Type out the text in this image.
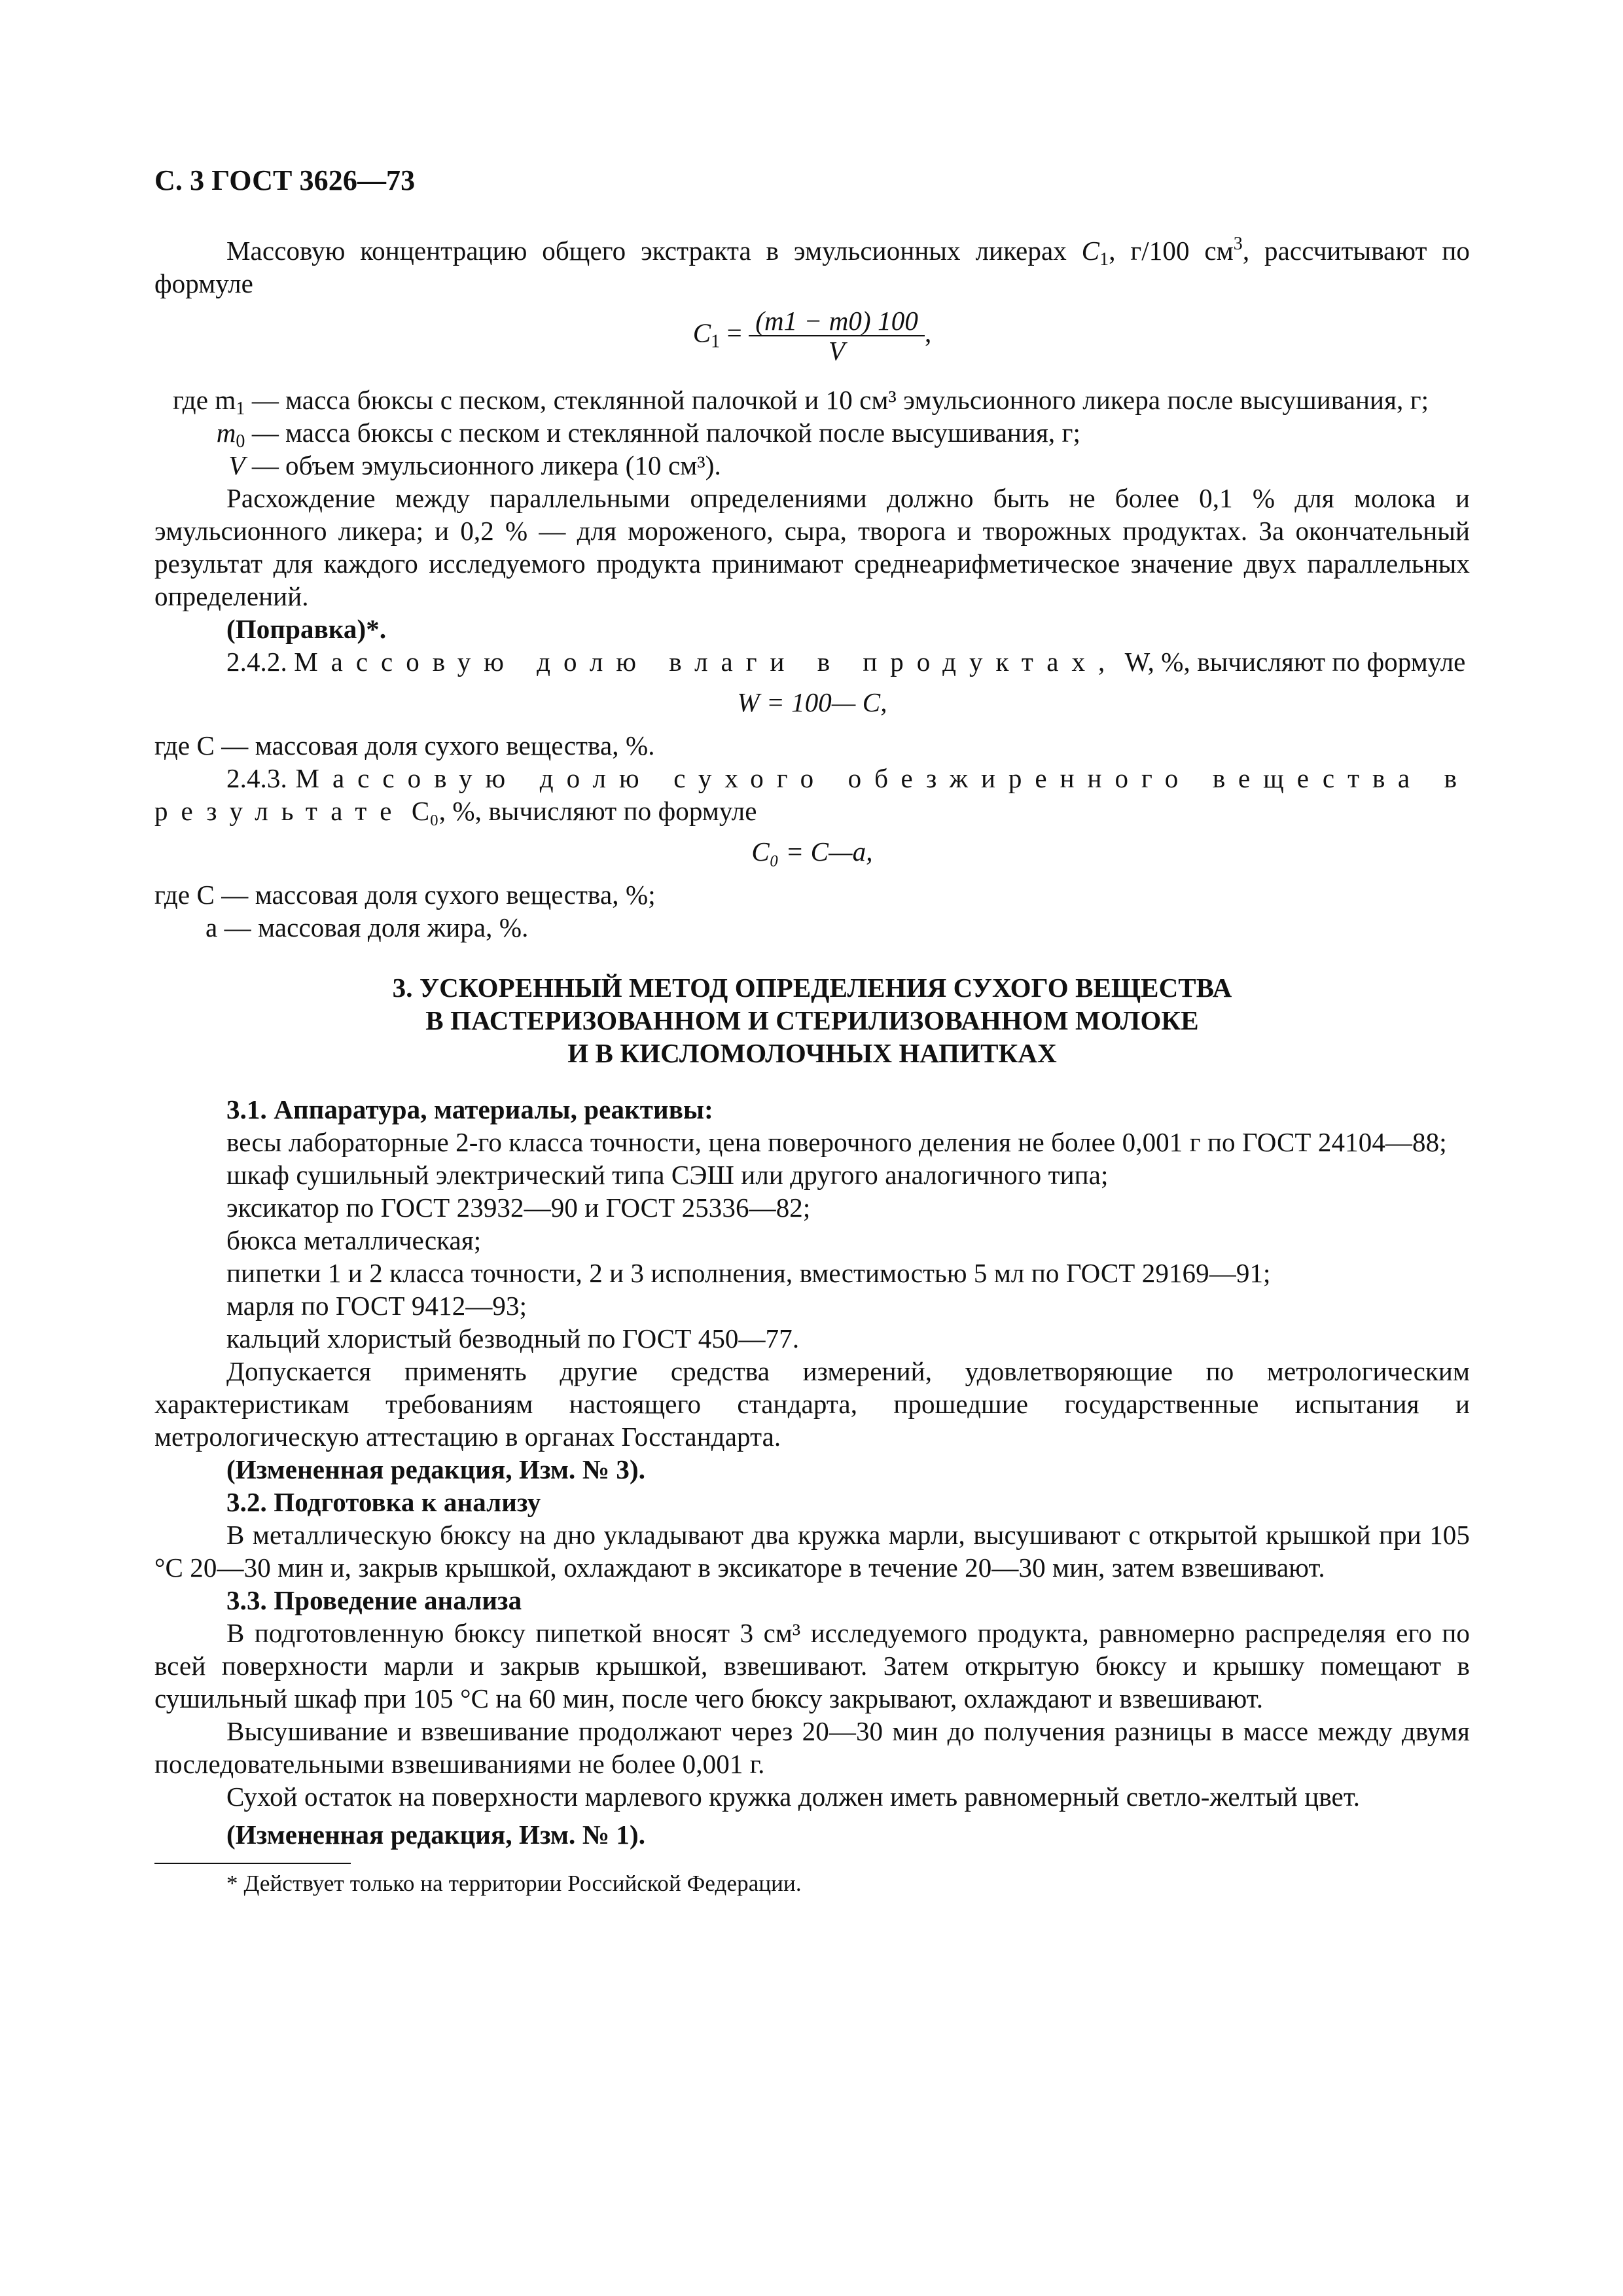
С. 3 ГОСТ 3626—73

Массовую концентрацию общего экстракта в эмульсионных ликерах $C_1$, г/100 $см^3$, рассчитывают по формуле

$C_1 = \frac{(m1 - m0) 100}{V}$ ,
где $m_1$ — масса бюксы с песком, стеклянной палочкой и 10 см³ эмульсионного ликера после высушивания, г;
$m_0$ — масса бюксы с песком и стеклянной палочкой после высушивания, г;
V — объем эмульсионного ликера (10 см³).

Расхождение между параллельными определениями должно быть не более 0,1 % для молока и эмульсионного ликера; и 0,2 % — для мороженого, сыра, творога и творожных продуктах. За окончательный результат для каждого исследуемого продукта принимают среднеарифметическое значение двух параллельных определений.

(Поправка)*.

2.4.2. Массовую долю влаги в продуктах, W, %, вычисляют по формуле

W = 100— C,

где C — массовая доля сухого вещества, %.

2.4.3. Массовую долю сухого обезжиренного вещества в результате C₀, %, вычисляют по формуле

C₀ = C—a,

где C — массовая доля сухого вещества, %;

a — массовая доля жира, %.

3. УСКОРЕННЫЙ МЕТОД ОПРЕДЕЛЕНИЯ СУХОГО ВЕЩЕСТВА
В ПАСТЕРИЗОВАННОМ И СТЕРИЛИЗОВАННОМ МОЛОКЕ
И В КИСЛОМОЛОЧНЫХ НАПИТКАХ

3.1. Аппаратура, материалы, реактивы:

весы лабораторные 2-го класса точности, цена поверочного деления не более 0,001 г по ГОСТ 24104—88;

шкаф сушильный электрический типа СЭШ или другого аналогичного типа;

эксикатор по ГОСТ 23932—90 и ГОСТ 25336—82;

бюкса металлическая;

пипетки 1 и 2 класса точности, 2 и 3 исполнения, вместимостью 5 мл по ГОСТ 29169—91;

марля по ГОСТ 9412—93;

кальций хлористый безводный по ГОСТ 450—77.

Допускается применять другие средства измерений, удовлетворяющие по метрологическим характеристикам требованиям настоящего стандарта, прошедшие государственные испытания и метрологическую аттестацию в органах Госстандарта.

(Измененная редакция, Изм. № 3).

3.2. Подготовка к анализу

В металлическую бюксу на дно укладывают два кружка марли, высушивают с открытой крышкой при 105 °С 20—30 мин и, закрыв крышкой, охлаждают в эксикаторе в течение 20—30 мин, затем взвешивают.

3.3. Проведение анализа

В подготовленную бюксу пипеткой вносят 3 см³ исследуемого продукта, равномерно распределяя его по всей поверхности марли и закрыв крышкой, взвешивают. Затем открытую бюксу и крышку помещают в сушильный шкаф при 105 °С на 60 мин, после чего бюксу закрывают, охлаждают и взвешивают.

Высушивание и взвешивание продолжают через 20—30 мин до получения разницы в массе между двумя последовательными взвешиваниями не более 0,001 г.

Сухой остаток на поверхности марлевого кружка должен иметь равномерный светло-желтый цвет.

(Измененная редакция, Изм. № 1).

* Действует только на территории Российской Федерации.
